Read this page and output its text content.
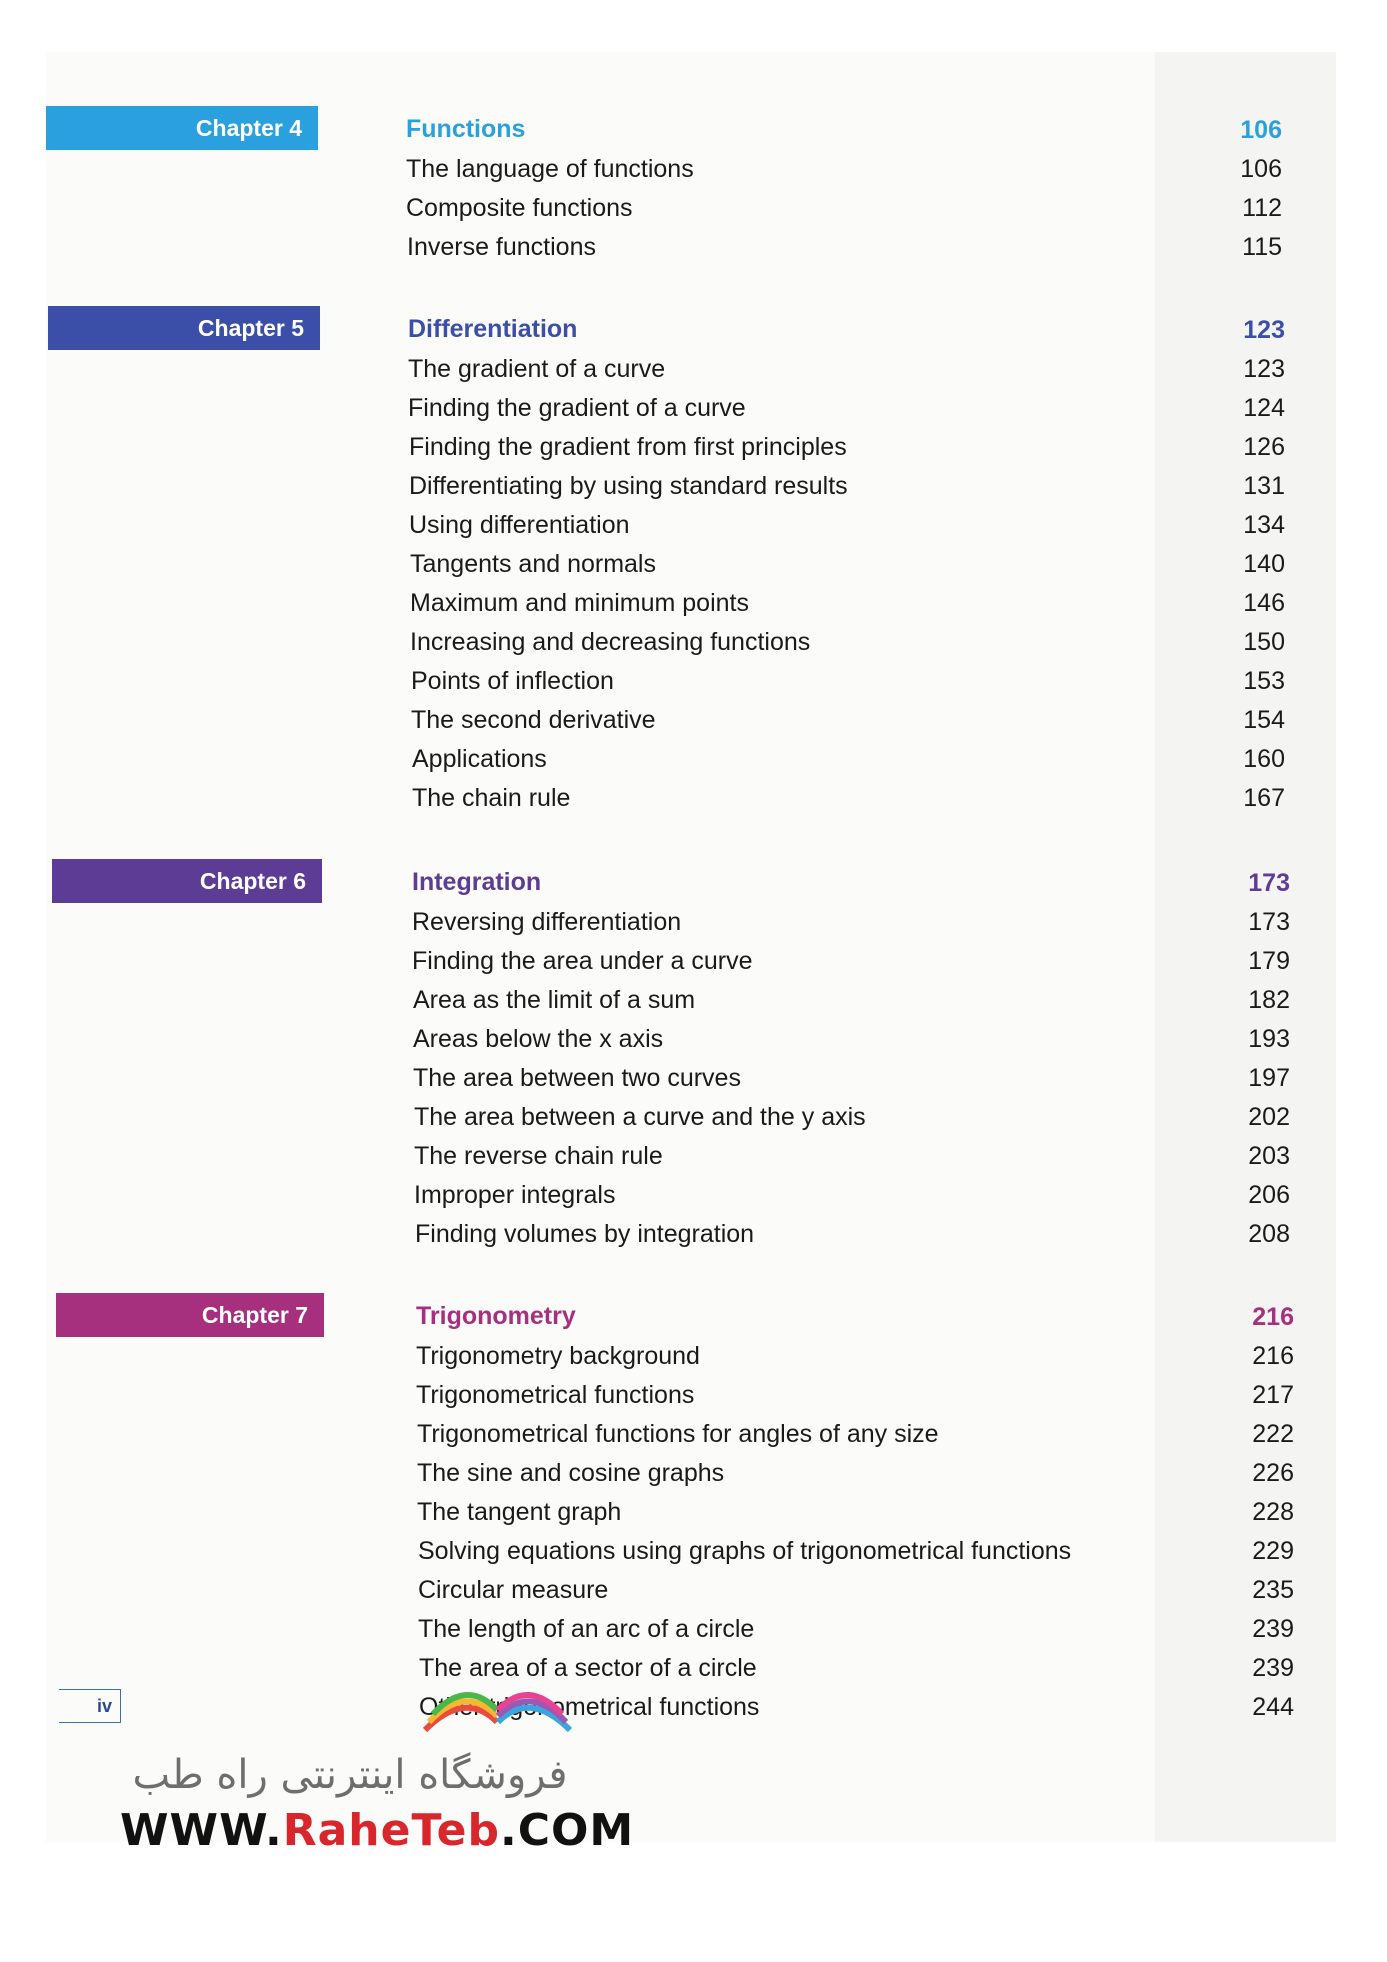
Chapter 4	Functions	106
The language of functions	106
Composite functions	112
Inverse functions	115
Chapter 5	Differentiation	123
The gradient of a curve	123
Finding the gradient of a curve	124
Finding the gradient from first principles	126
Differentiating by using standard results	131
Using differentiation	134
Tangents and normals	140
Maximum and minimum points	146
Increasing and decreasing functions	150
Points of inflection	153
The second derivative	154
Applications	160
The chain rule	167
Chapter 6	Integration	173
Reversing differentiation	173
Finding the area under a curve	179
Area as the limit of a sum	182
Areas below the x axis	193
The area between two curves	197
The area between a curve and the y axis	202
The reverse chain rule	203
Improper integrals	206
Finding volumes by integration	208
Chapter 7	Trigonometry	216
Trigonometry background	216
Trigonometrical functions	217
Trigonometrical functions for angles of any size	222
The sine and cosine graphs	226
The tangent graph	228
Solving equations using graphs of trigonometrical functions	229
Circular measure	235
The length of an arc of a circle	239
The area of a sector of a circle	239
Other trigonometrical functions	244
iv
فروشگاه اینترنتی راه طب
WWW.RaheTeb.COM
